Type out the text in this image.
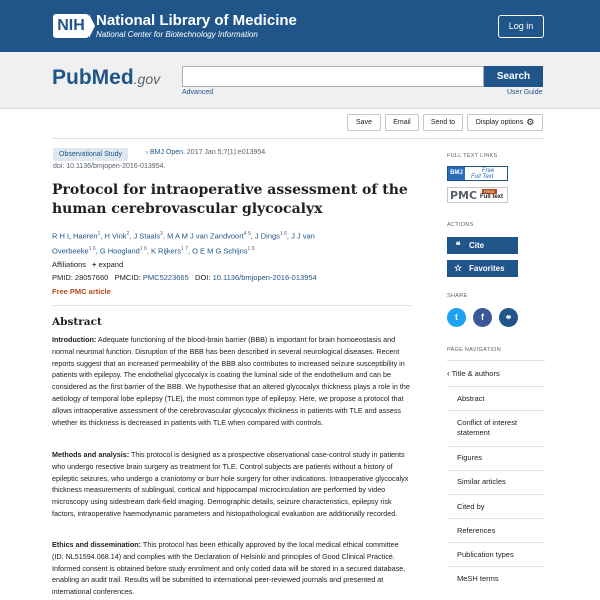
NIH National Library of Medicine
National Center for Biotechnology Information
Log in
PubMed.gov	Search
Advanced	User Guide
Save	Email	Send to	Display options ⚙
Observational Study	› BMJ Open. 2017 Jan 5;7(1):e013954.
doi: 10.1136/bmjopen-2016-013954.
Protocol for intraoperative assessment of the human cerebrovascular glycocalyx
R H L Haeren$^1$, H Vink$^2$, J Staals$^3$, M A M J van Zandvoort$^{4 5}$, J Dings$^{1 6}$, J J van Overbeeke$^{1 6}$, G Hoogland$^{1 6}$, K Rijkers$^{1 7}$, O E M G Schijns$^{1 6}$
Affiliations + expand
PMID: 28057660 PMCID: PMC5223665 DOI: 10.1136/bmjopen-2016-013954
Free PMC article
Abstract
Introduction: Adequate functioning of the blood-brain barrier (BBB) is important for brain homoeostasis and normal neuronal function. Disruption of the BBB has been described in several neurological diseases. Recent reports suggest that an increased permeability of the BBB also contributes to increased seizure susceptibility in patients with epilepsy. The endothelial glycocalyx is coating the luminal side of the endothelium and can be considered as the first barrier of the BBB. We hypothesise that an altered glycocalyx thickness plays a role in the aetiology of temporal lobe epilepsy (TLE), the most common type of epilepsy. Here, we propose a protocol that allows intraoperative assessment of the cerebrovascular glycocalyx thickness in patients with TLE and assess whether its thickness is decreased in patients with TLE when compared with controls.
Methods and analysis: This protocol is designed as a prospective observational case-control study in patients who undergo resective brain surgery as treatment for TLE. Control subjects are patients without a history of epileptic seizures, who undergo a craniotomy or burr hole surgery for other indications. Intraoperative glycocalyx thickness measurements of sublingual, cortical and hippocampal microcirculation are performed by video microscopy using sidestream dark-field imaging. Demographic details, seizure characteristics, epilepsy risk factors, intraoperative haemodynamic parameters and histopathological evaluation are additionally recorded.
Ethics and dissemination: This protocol has been ethically approved by the local medical ethical committee (ID: NL51594.068.14) and complies with the Declaration of Helsinki and principles of Good Clinical Practice. Informed consent is obtained before study enrolment and only coded data will be stored in a secured database, enabling an audit trail. Results will be submitted to international peer-reviewed journals and presented at international conferences.
FULL TEXT LINKS
BMJ	Free
Full Text
PMC	FREE
Full text
ACTIONS
❝ Cite
☆ Favorites
SHARE
t	f	⚭
PAGE NAVIGATION
‹ Title & authors
Abstract
Conflict of interest statement
Figures
Similar articles
Cited by
References
Publication types
MeSH terms
